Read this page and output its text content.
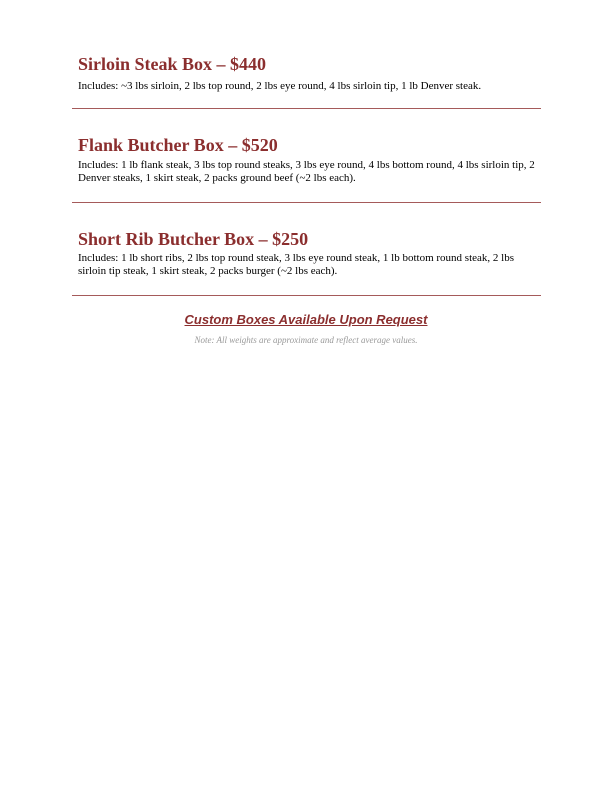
Sirloin Steak Box – $440

Includes: ~3 lbs sirloin, 2 lbs top round, 2 lbs eye round, 4 lbs sirloin tip, 1 lb Denver steak.

Flank Butcher Box – $520

Includes: 1 lb flank steak, 3 lbs top round steaks, 3 lbs eye round, 4 lbs bottom round, 4 lbs sirloin tip, 2 Denver steaks, 1 skirt steak, 2 packs ground beef (~2 lbs each).

Short Rib Butcher Box – $250

Includes: 1 lb short ribs, 2 lbs top round steak, 3 lbs eye round steak, 1 lb bottom round steak, 2 lbs sirloin tip steak, 1 skirt steak, 2 packs burger (~2 lbs each).

Custom Boxes Available Upon Request
Note: All weights are approximate and reflect average values.
